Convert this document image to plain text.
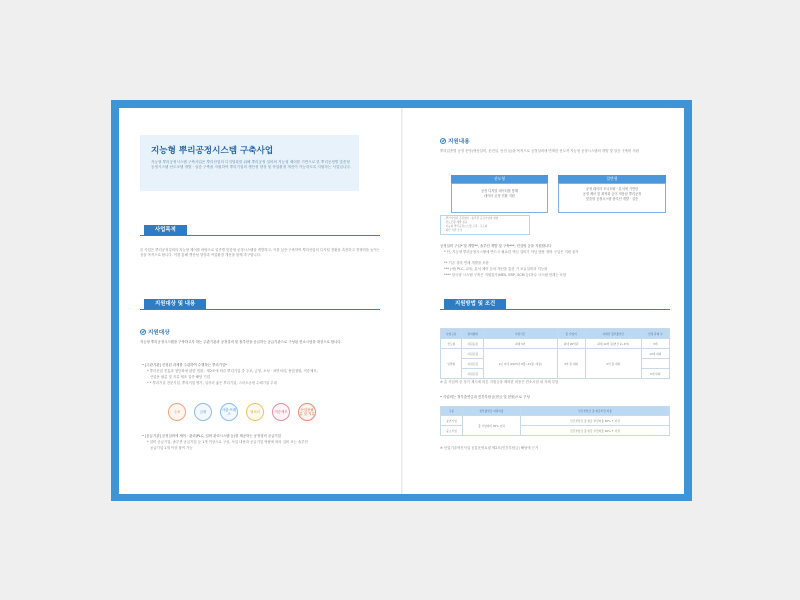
지능형 뿌리공정시스템 구축사업
지능형 뿌리공정시스템 구축사업은 뿌리산업의 디지털화를 위해 뿌리공정 설비의 지능형 제어를 기반으로 한 뿌리공정별 맞춤형 공정시스템 선도모델 개발 · 실증 구축을 지원하여 뿌리기업의 생산성 향상 및 작업환경 개선이 가능하도록 지원하는 사업입니다.
사업목적
본 사업은 뿌리공정설비의 지능형 제어를 바탕으로 업종별 맞춤형 공정시스템을 개발하고, 이를 실증·구축하여 뿌리산업의 디지털 전환을 촉진하고 경쟁력을 높이는 것을 목적으로 합니다. 이를 통해 생산성 향상과 작업환경 개선을 함께 추구합니다.
지원대상 및 내용
지원대상
지능형 뿌리공정시스템을 구축하고자 하는 주관기관과 공정설비 및 솔루션을 공급하는 공급기관으로 구성된 컨소시엄을 대상으로 합니다.
• [주관기관] 신청된 과제를 주관하여 수행하는 뿌리기업*
* 뿌리산업 진흥과 첨단화에 관한 법률」제2조에 따른 뿌리기업 중 주조, 금형, 소성 · 표면처리, 용접접합, 적층제조,
산업용 필름 및 지류 제조 업종 해당 기업
* * 뿌리기술 전문기업, 뿌리기업 명가, 일자리 좋은 뿌리기업, 스마트공장 수혜기업 우대
주조	금형	사출·프레스	열처리	적층제조	산업용필름 및 지류
• [공급기관] 공정설비에 제어 · 관리(PLC, 설비 관리시스템 등)를 제공하는 공정설비 공급기업
* 설비 공급기업, 솔루션 공급기업 등 1개 이상으로 구성, 사업 내용과 공급기업 역량에 따라 설비 또는 솔루션
공급기업 1개 이상 참여 가능
지원내용
뿌리업종별 공정 운영(생산설비, 운전실, 안전 등)을 목적으로 공정설비에 연계한 선도적 지능형 공정시스템의 개발 및 실증 구축비 지원
선도형
공정 디지털 데이터를 통해
데이터 공정 전환 지원
일반형
공정 데이터 모니터링 · 분석에 기반한
공정 제어 및 최적화 등이 적용된 뿌리공정
맞춤형 공정시스템 솔루션 개발 · 실증
· 뿌리기업과 공정설비 · 솔루션 공급기업의 협업
· 선도모델 개발·실증
· 지능형 뿌리공정시스템 구축 · 고도화
· 확산 기반 조성
공정설비 구입* 및 개발**, 솔루션 개발 및 구축***, 컨설팅 등을 지원합니다
* 단, 지능형 뿌리공정시스템에 반드시 필요한 핵심 설비가 아닌 범용 장비 구입은 지원 불가
** 기존 설비 연계 개발을 포함
*** (예) PLC, 교육, 분석 제어 등의 개선을 통한 기 보유설비의 지능화
**** 한국형 시스템 구축은 지원불가(MES, ERP, SCM 등)하나 시스템 연계는 포함
지원방법 및 조건
사업구분	참여형태	사업기간	총 사업비	과제당 정부출연금	선정 과제 수
선도형	지원공정	최대 3년	최대 20억원	최대 10억 원(연간 2~4억)	3개
일반형	지원공정	1년 이내 (2023년 8월~11월, 예정)	4억 원 내외	2억 원 내외	10개 내외
	지원공정				
	지원공정				5개 내외
※ 총 사업비 중 상기 제시에 따른 지원금을 제외한 비용은 컨소시엄 내 자체 부담
• 사업비는 정부출연금과 민간부담금(현금 및 현물)으로 구성
구분	정부출연금 지원비율	민간부담금 총 현금부담 비율
중견기업	총 사업비의 50% 이하	민간부담금 총 현금 부담비율 50% ↑ 이상
중소기업		민간부담금 총 현금 부담비율 40% ↑ 이상
※ 산업기술혁신사업 공통운영요령 제2조(민간부담금) 해당에 근거
